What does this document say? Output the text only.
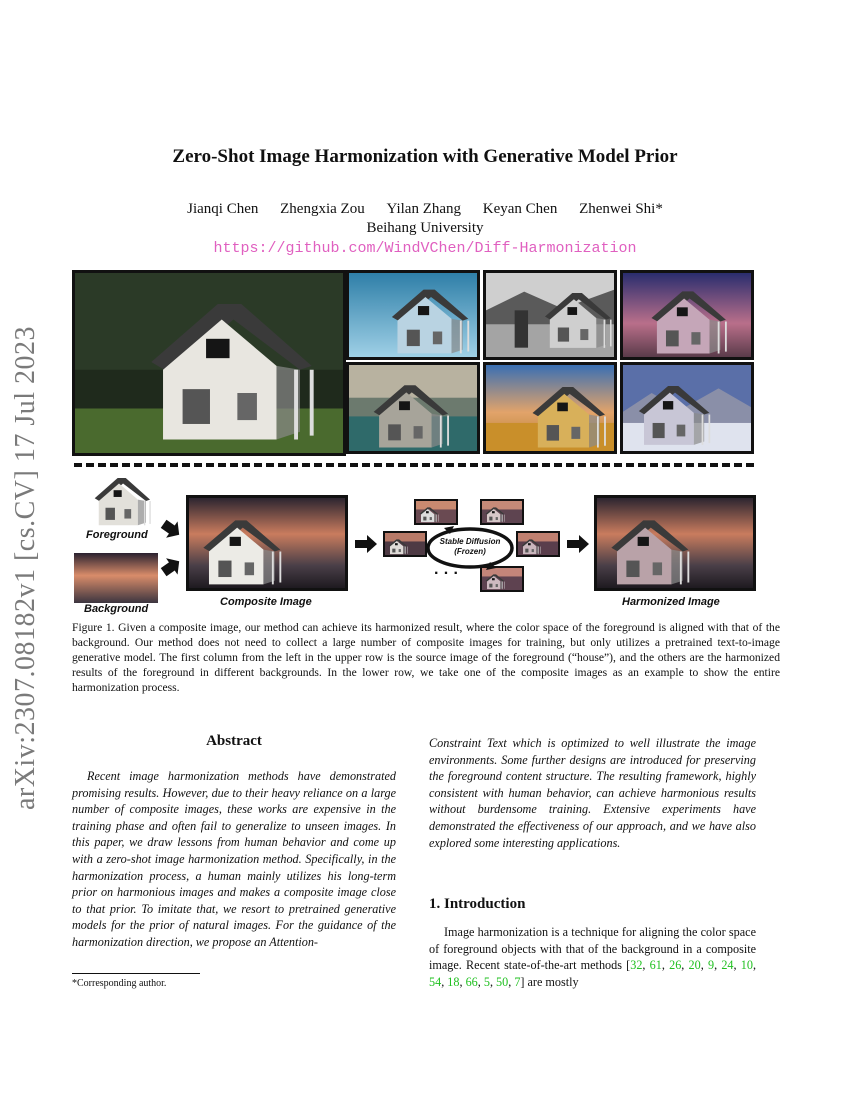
arXiv:2307.08182v1 [cs.CV] 17 Jul 2023
Zero-Shot Image Harmonization with Generative Model Prior
Jianqi Chen Zhengxia Zou Yilan Zhang Keyan Chen Zhenwei Shi*
Beihang University
https://github.com/WindVChen/Diff-Harmonization
Foreground
Background
Composite Image
Stable Diffusion
(Frozen)
· · ·
Harmonized Image
Figure 1. Given a composite image, our method can achieve its harmonized result, where the color space of the foreground is aligned with that of the background. Our method does not need to collect a large number of composite images for training, but only utilizes a pretrained text-to-image generative model. The first column from the left in the upper row is the source image of the foreground (“house”), and the others are the harmonized results of the foreground in different backgrounds. In the lower row, we take one of the composite images as an example to show the entire harmonization process.
Abstract
Recent image harmonization methods have demonstrated promising results. However, due to their heavy reliance on a large number of composite images, these works are expensive in the training phase and often fail to generalize to unseen images. In this paper, we draw lessons from human behavior and come up with a zero-shot image harmonization method. Specifically, in the harmonization process, a human mainly utilizes his long-term prior on harmonious images and makes a composite image close to that prior. To imitate that, we resort to pretrained generative models for the prior of natural images. For the guidance of the harmonization direction, we propose an Attention-
*Corresponding author.
Constraint Text which is optimized to well illustrate the image environments. Some further designs are introduced for preserving the foreground content structure. The resulting framework, highly consistent with human behavior, can achieve harmonious results without burdensome training. Extensive experiments have demonstrated the effectiveness of our approach, and we have also explored some interesting applications.
1. Introduction
Image harmonization is a technique for aligning the color space of foreground objects with that of the background in a composite image. Recent state-of-the-art methods [32, 61, 26, 20, 9, 24, 10, 54, 18, 66, 5, 50, 7] are mostly
